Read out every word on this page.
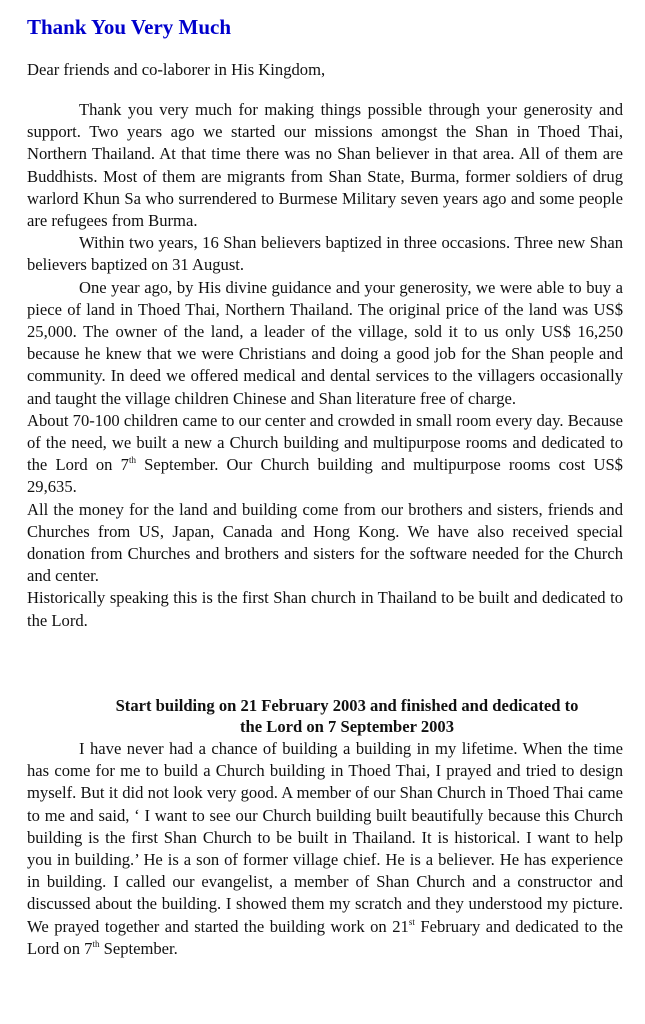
Thank You Very Much

Dear friends and co-laborer in His Kingdom,

Thank you very much for making things possible through your generosity and support. Two years ago we started our missions amongst the Shan in Thoed Thai, Northern Thailand. At that time there was no Shan believer in that area. All of them are Buddhists. Most of them are migrants from Shan State, Burma, former soldiers of drug warlord Khun Sa who surrendered to Burmese Military seven years ago and some people are refugees from Burma.

Within two years, 16 Shan believers baptized in three occasions. Three new Shan believers baptized on 31 August.

One year ago, by His divine guidance and your generosity, we were able to buy a piece of land in Thoed Thai, Northern Thailand. The original price of the land was US$ 25,000. The owner of the land, a leader of the village, sold it to us only US$ 16,250 because he knew that we were Christians and doing a good job for the Shan people and community. In deed we offered medical and dental services to the villagers occasionally and taught the village children Chinese and Shan literature free of charge.

About 70-100 children came to our center and crowded in small room every day. Because of the need, we built a new a Church building and multipurpose rooms and dedicated to the Lord on 7th September. Our Church building and multipurpose rooms cost US$ 29,635.

All the money for the land and building come from our brothers and sisters, friends and Churches from US, Japan, Canada and Hong Kong. We have also received special donation from Churches and brothers and sisters for the software needed for the Church and center.

Historically speaking this is the first Shan church in Thailand to be built and dedicated to the Lord.

Start building on 21 February 2003 and finished and dedicated to
the Lord on 7 September 2003

I have never had a chance of building a building in my lifetime. When the time has come for me to build a Church building in Thoed Thai, I prayed and tried to design myself. But it did not look very good. A member of our Shan Church in Thoed Thai came to me and said, ‘ I want to see our Church building built beautifully because this Church building is the first Shan Church to be built in Thailand. It is historical. I want to help you in building.’ He is a son of former village chief. He is a believer. He has experience in building. I called our evangelist, a member of Shan Church and a constructor and discussed about the building. I showed them my scratch and they understood my picture. We prayed together and started the building work on 21st February and dedicated to the Lord on 7th September.
